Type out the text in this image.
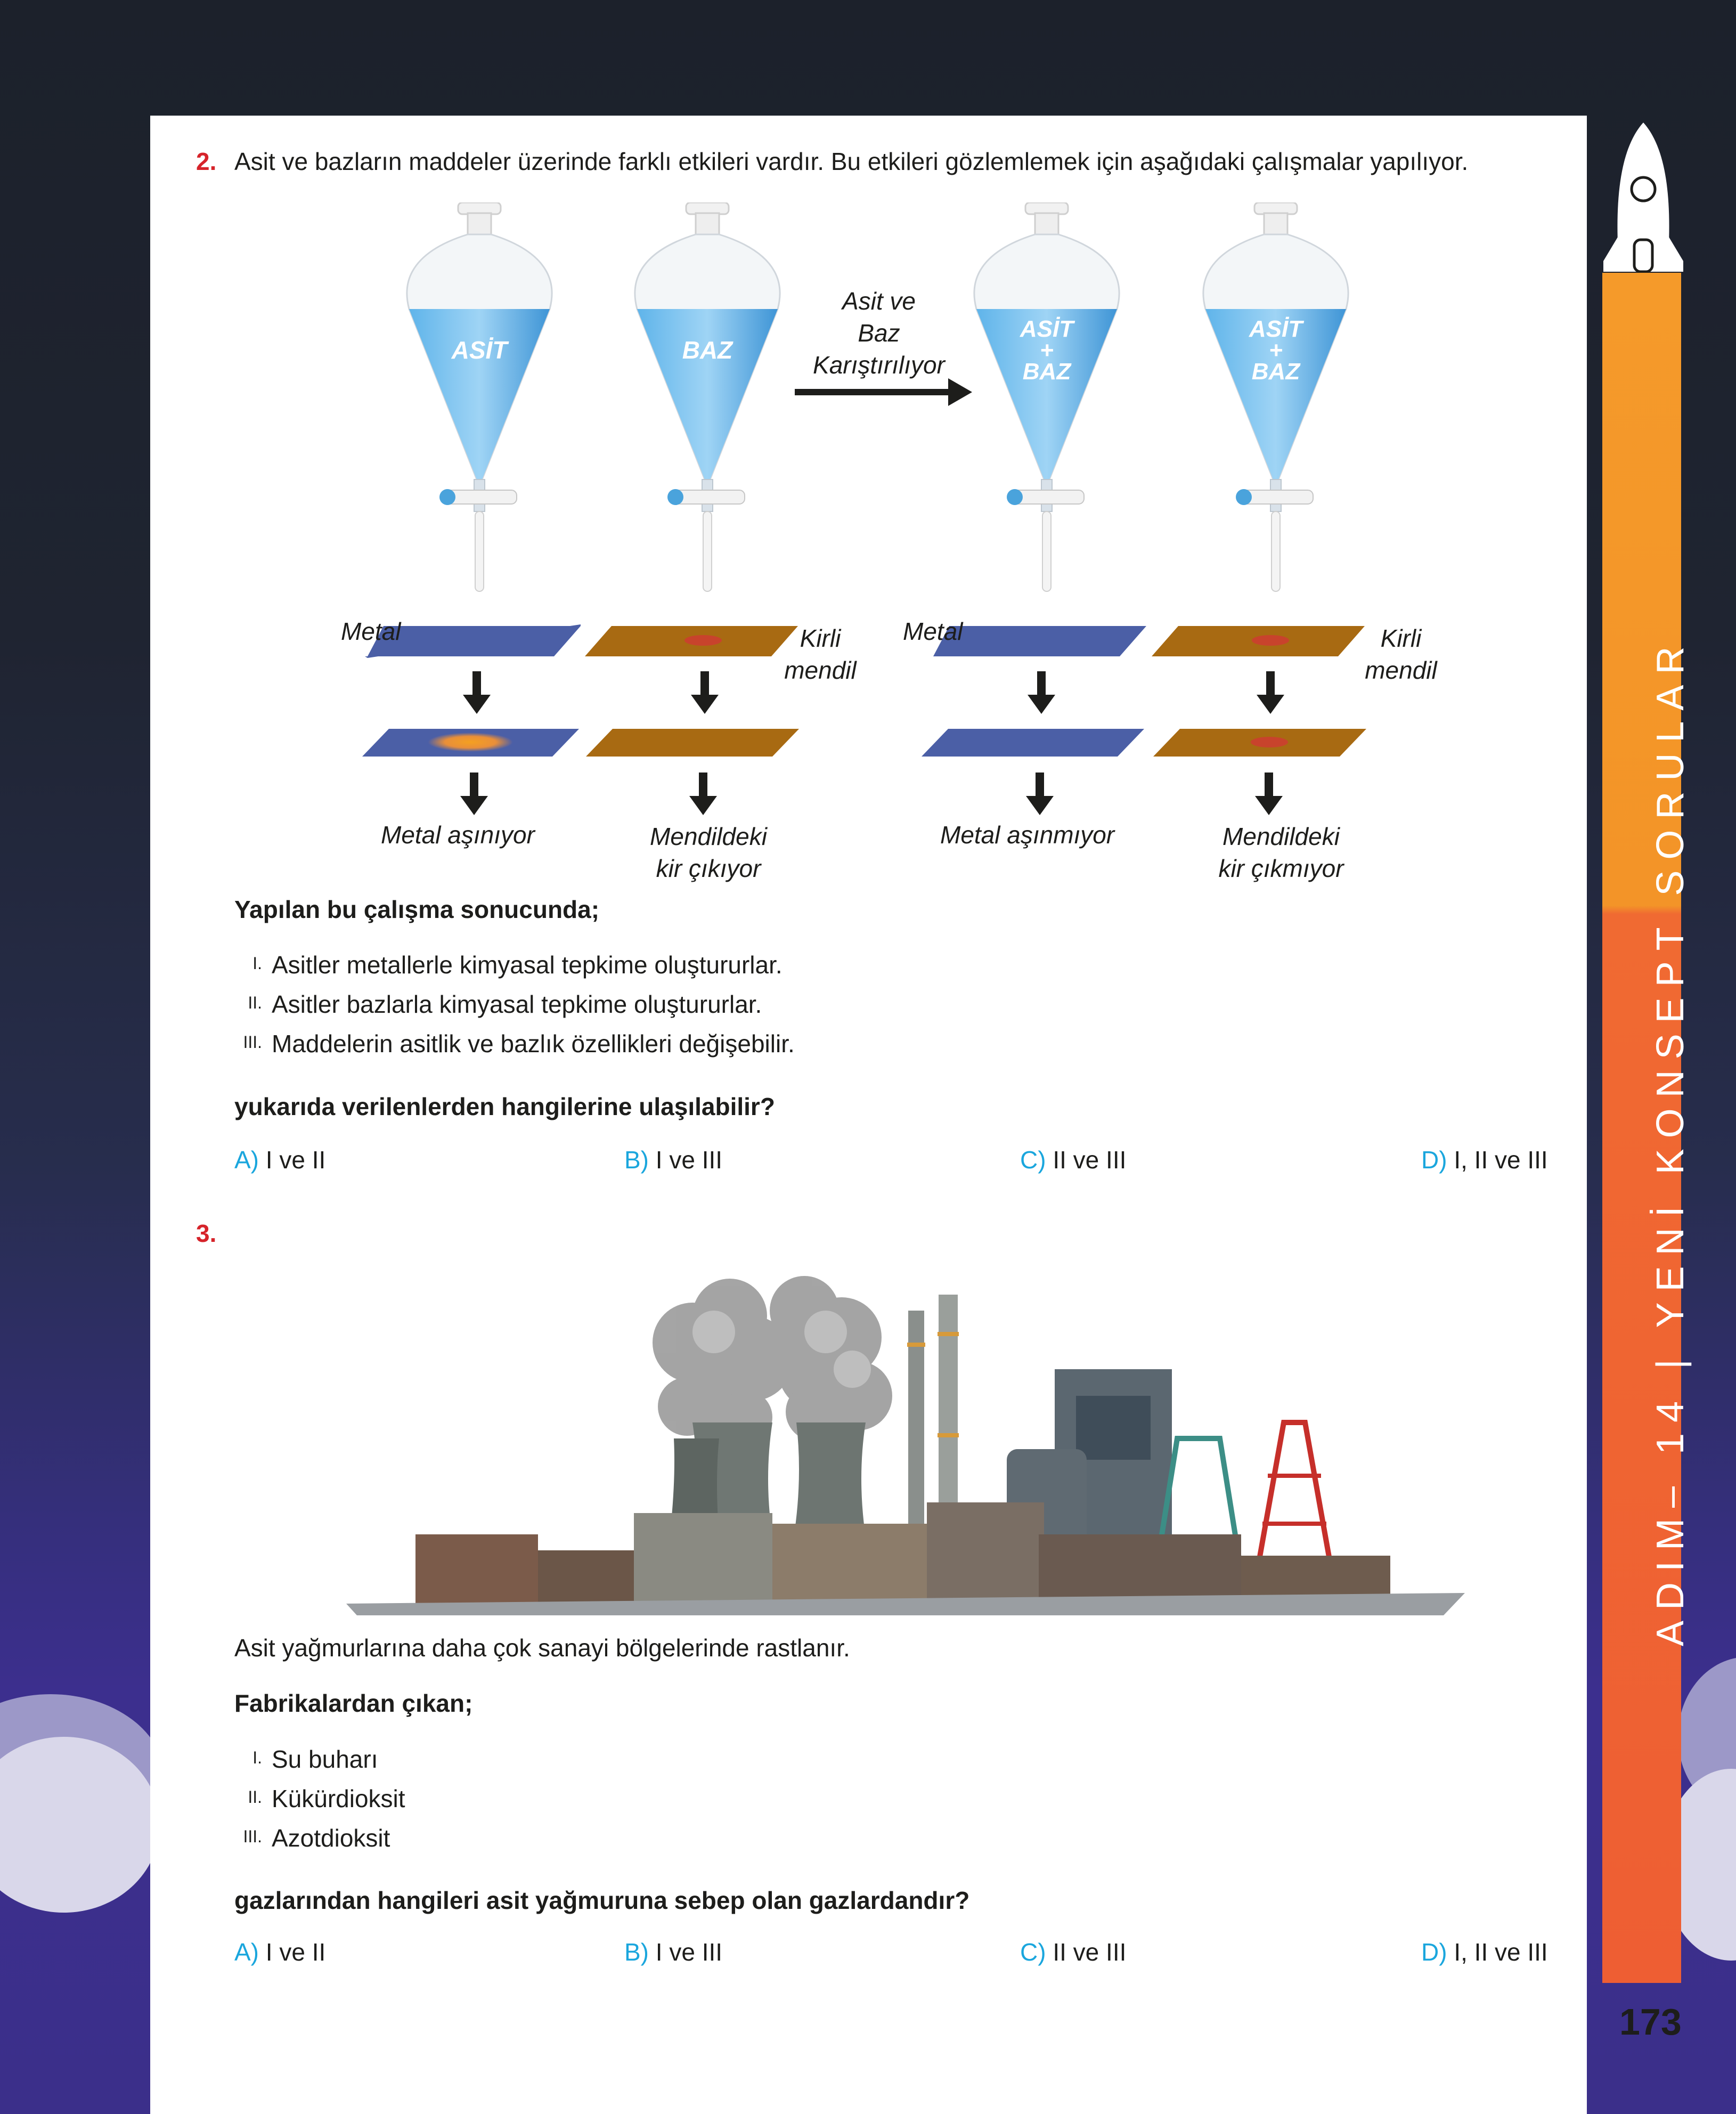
2. Asit ve bazların maddeler üzerinde farklı etkileri vardır. Bu etkileri gözlemlemek için aşağıdaki çalışmalar yapılıyor.
ASİT	BAZ
ASİT + BAZ
ASİT + BAZ
Asit ve
Baz
Karıştırılıyor
Metal	Kirli
mendil
Metal	Kirli
mendil
Metal aşınıyor	Mendildeki
kir çıkıyor
Metal aşınmıyor	Mendildeki
kir çıkmıyor
Yapılan bu çalışma sonucunda;
I. Asitler metallerle kimyasal tepkime oluştururlar.
II. Asitler bazlarla kimyasal tepkime oluştururlar.
III. Maddelerin asitlik ve bazlık özellikleri değişebilir.
yukarıda verilenlerden hangilerine ulaşılabilir?
A) I ve II	B) I ve III	C) II ve III	D) I, II ve III
3.
Asit yağmurlarına daha çok sanayi bölgelerinde rastlanır.
Fabrikalardan çıkan;
I. Su buharı
II. Kükürdioksit
III. Azotdioksit
gazlarından hangileri asit yağmuruna sebep olan gazlardandır?
A) I ve II	B) I ve III	C) II ve III	D) I, II ve III
ADIM– 14 | YENİ KONSEPT SORULAR
173
